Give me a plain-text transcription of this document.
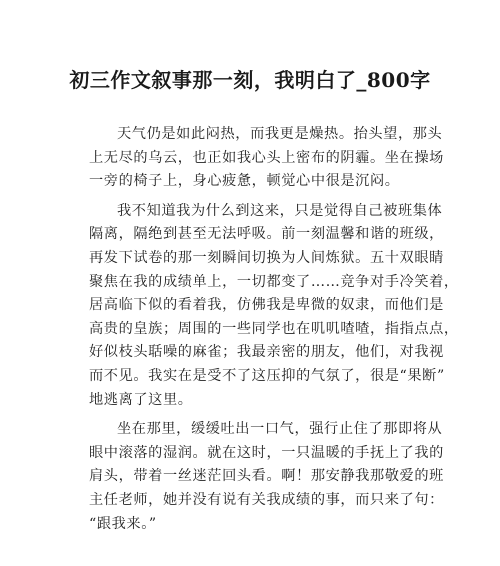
初三作文叙事那一刻，我明白了_800字
天气仍是如此闷热，而我更是燥热。抬头望，那头
上无尽的乌云，也正如我心头上密布的阴霾。坐在操场
一旁的椅子上，身心疲惫，顿觉心中很是沉闷。
我不知道我为什么到这来，只是觉得自己被班集体
隔离，隔绝到甚至无法呼吸。前一刻温馨和谐的班级，
再发下试卷的那一刻瞬间切换为人间炼狱。五十双眼睛
聚焦在我的成绩单上，一切都变了……竞争对手冷笑着，
居高临下似的看着我，仿佛我是卑微的奴隶，而他们是
高贵的皇族；周围的一些同学也在叽叽喳喳，指指点点，
好似枝头聒噪的麻雀；我最亲密的朋友，他们，对我视
而不见。我实在是受不了这压抑的气氛了，很是“果断”
地逃离了这里。
坐在那里，缓缓吐出一口气，强行止住了那即将从
眼中滚落的湿润。就在这时，一只温暖的手抚上了我的
肩头，带着一丝迷茫回头看。啊！那安静我那敬爱的班
主任老师，她并没有说有关我成绩的事，而只来了句：
“跟我来。”
